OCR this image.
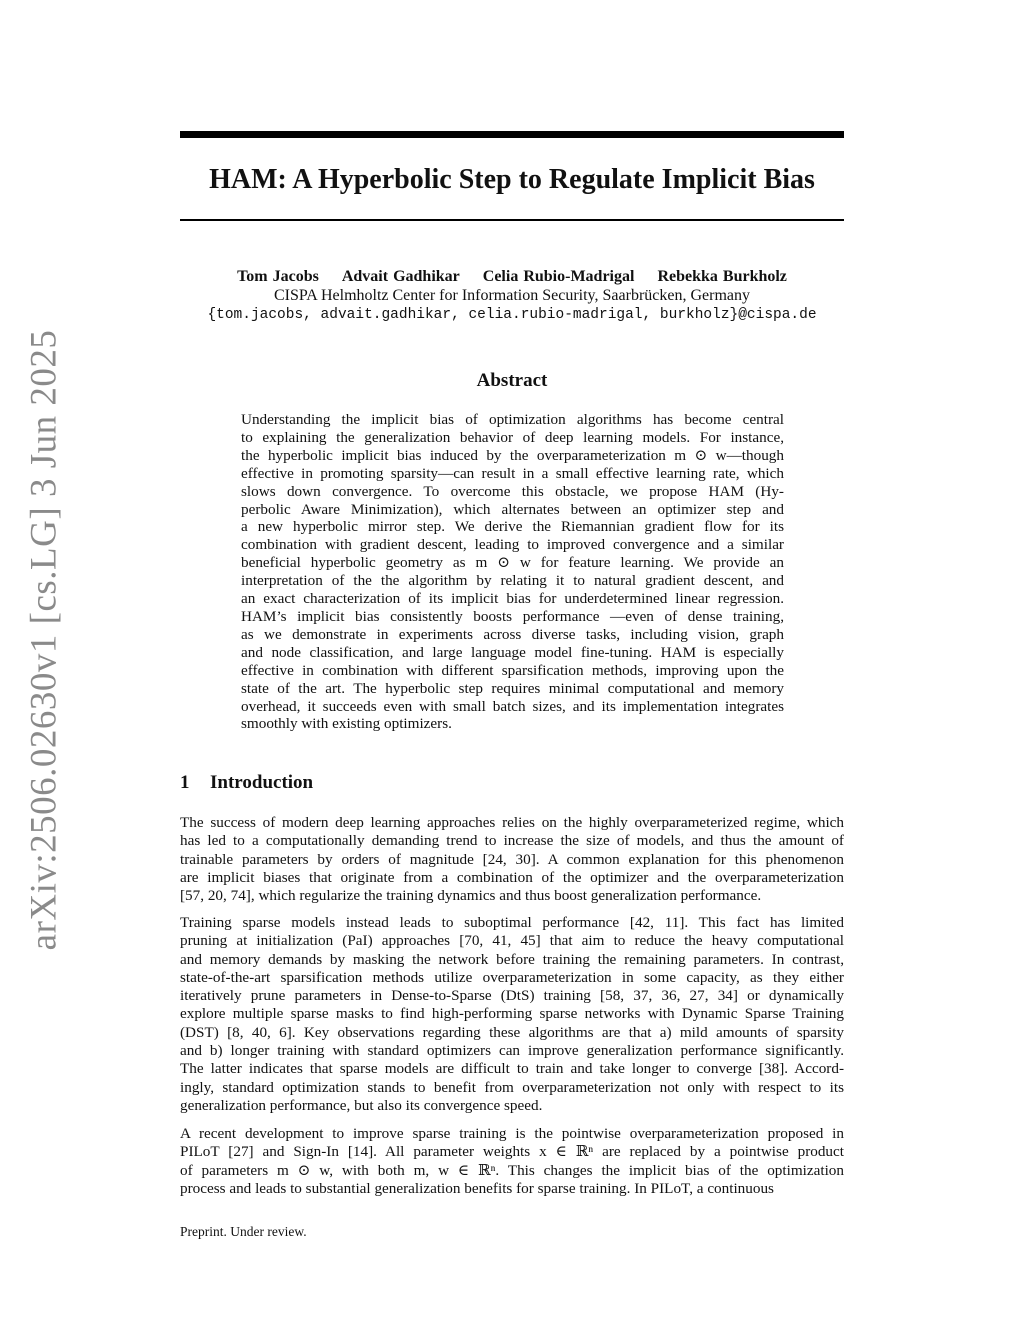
HAM: A Hyperbolic Step to Regulate Implicit Bias
Tom Jacobs Advait Gadhikar Celia Rubio-Madrigal Rebekka Burkholz
CISPA Helmholtz Center for Information Security, Saarbrücken, Germany
{tom.jacobs, advait.gadhikar, celia.rubio-madrigal, burkholz}@cispa.de
arXiv:2506.02630v1 [cs.LG] 3 Jun 2025	Abstract
Understanding the implicit bias of optimization algorithms has become central
to explaining the generalization behavior of deep learning models. For instance,
the hyperbolic implicit bias induced by the overparameterization m ⊙ w—though
effective in promoting sparsity—can result in a small effective learning rate, which
slows down convergence. To overcome this obstacle, we propose HAM (Hy-
perbolic Aware Minimization), which alternates between an optimizer step and
a new hyperbolic mirror step. We derive the Riemannian gradient flow for its
combination with gradient descent, leading to improved convergence and a similar
beneficial hyperbolic geometry as m ⊙ w for feature learning. We provide an
interpretation of the the algorithm by relating it to natural gradient descent, and
an exact characterization of its implicit bias for underdetermined linear regression.
HAM’s implicit bias consistently boosts performance —even of dense training,
as we demonstrate in experiments across diverse tasks, including vision, graph
and node classification, and large language model fine-tuning. HAM is especially
effective in combination with different sparsification methods, improving upon the
state of the art. The hyperbolic step requires minimal computational and memory
overhead, it succeeds even with small batch sizes, and its implementation integrates
smoothly with existing optimizers.
1 Introduction
The success of modern deep learning approaches relies on the highly overparameterized regime, which
has led to a computationally demanding trend to increase the size of models, and thus the amount of
trainable parameters by orders of magnitude [24, 30]. A common explanation for this phenomenon
are implicit biases that originate from a combination of the optimizer and the overparameterization
[57, 20, 74], which regularize the training dynamics and thus boost generalization performance.
Training sparse models instead leads to suboptimal performance [42, 11]. This fact has limited
pruning at initialization (PaI) approaches [70, 41, 45] that aim to reduce the heavy computational
and memory demands by masking the network before training the remaining parameters. In contrast,
state-of-the-art sparsification methods utilize overparameterization in some capacity, as they either
iteratively prune parameters in Dense-to-Sparse (DtS) training [58, 37, 36, 27, 34] or dynamically
explore multiple sparse masks to find high-performing sparse networks with Dynamic Sparse Training
(DST) [8, 40, 6]. Key observations regarding these algorithms are that a) mild amounts of sparsity
and b) longer training with standard optimizers can improve generalization performance significantly.
The latter indicates that sparse models are difficult to train and take longer to converge [38]. Accord-
ingly, standard optimization stands to benefit from overparameterization not only with respect to its
generalization performance, but also its convergence speed.
A recent development to improve sparse training is the pointwise overparameterization proposed in
PILoT [27] and Sign-In [14]. All parameter weights x ∈ ℝⁿ are replaced by a pointwise product
of parameters m ⊙ w, with both m, w ∈ ℝⁿ. This changes the implicit bias of the optimization
process and leads to substantial generalization benefits for sparse training. In PILoT, a continuous
Preprint. Under review.
